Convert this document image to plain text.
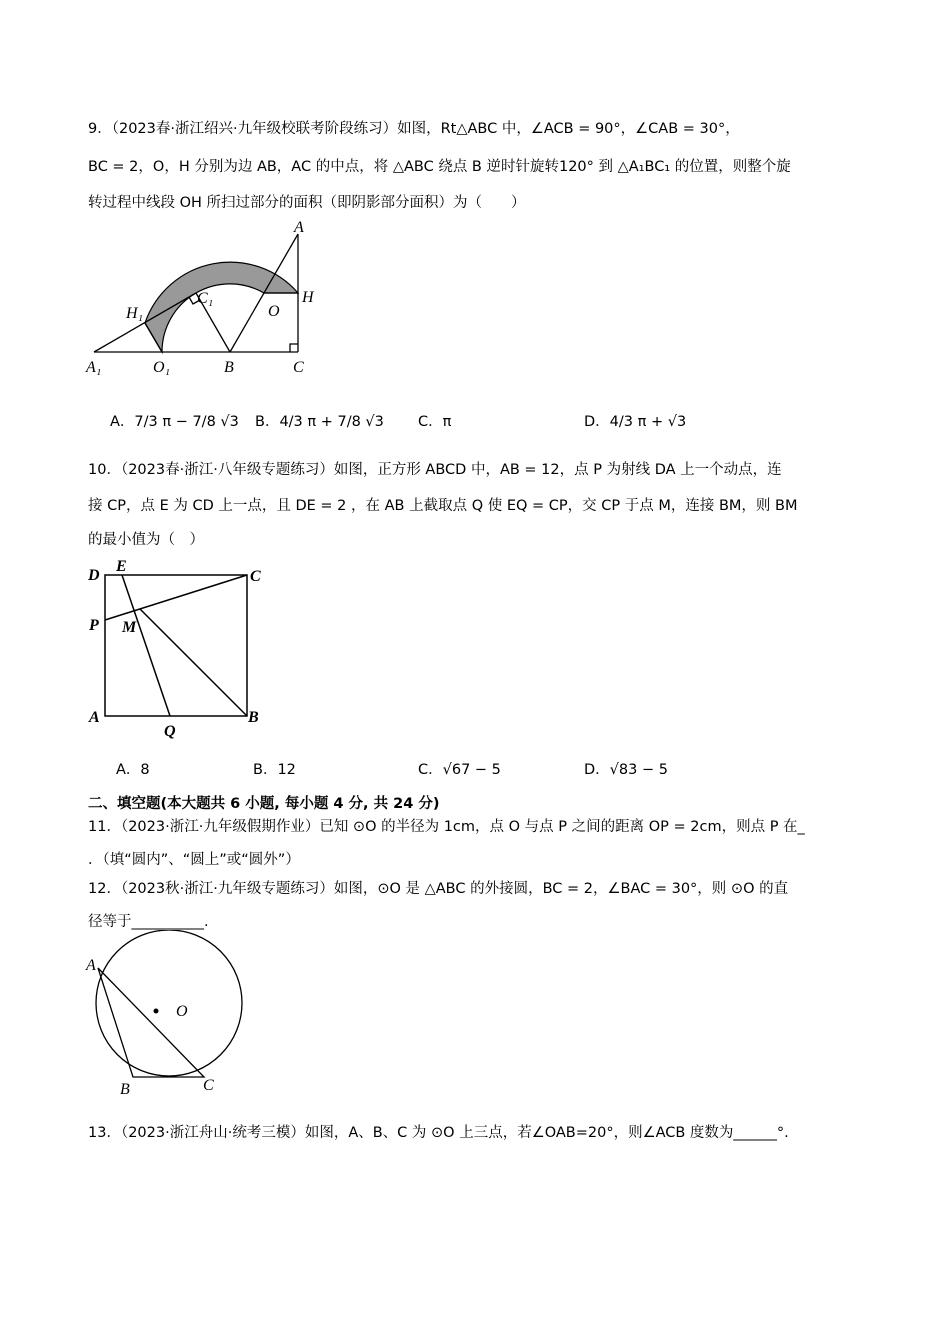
9．（2023春·浙江绍兴·九年级校联考阶段练习）如图，Rt△ABC 中，∠ACB = 90°，∠CAB = 30°，
BC = 2，O，H 分别为边 AB，AC 的中点，将 △ABC 绕点 B 逆时针旋转120° 到 △A₁BC₁ 的位置，则整个旋
转过程中线段 OH 所扫过部分的面积（即阴影部分面积）为（　　）
A
H
H₁
C₁
O
A₁	O₁	B	C
A．7/3 π − 7/8 √3 B．4/3 π + 7/8 √3 C．π	D．4/3 π + √3
10．（2023春·浙江·八年级专题练习）如图，正方形 ABCD 中，AB = 12，点 P 为射线 DA 上一个动点，连
接 CP，点 E 为 CD 上一点，且 DE = 2 ，在 AB 上截取点 Q 使 EQ = CP，交 CP 于点 M，连接 BM，则 BM
的最小值为（　）
D
E
C
P M
A
Q
B
A．8	B．12	C．√67 − 5	D．√83 − 5
二、填空题(本大题共 6 小题, 每小题 4 分, 共 24 分)
11．（2023·浙江·九年级假期作业）已知 ⊙O 的半径为 1cm，点 O 与点 P 之间的距离 OP = 2cm，则点 P 在_
．（填“圆内”、“圆上”或“圆外”）
12．（2023秋·浙江·九年级专题练习）如图，⊙O 是 △ABC 的外接圆，BC = 2，∠BAC = 30°，则 ⊙O 的直
径等于__________.
A
O
B	C
13．（2023·浙江舟山·统考三模）如图，A、B、C 为 ⊙O 上三点，若∠OAB=20°，则∠ACB 度数为______°.
